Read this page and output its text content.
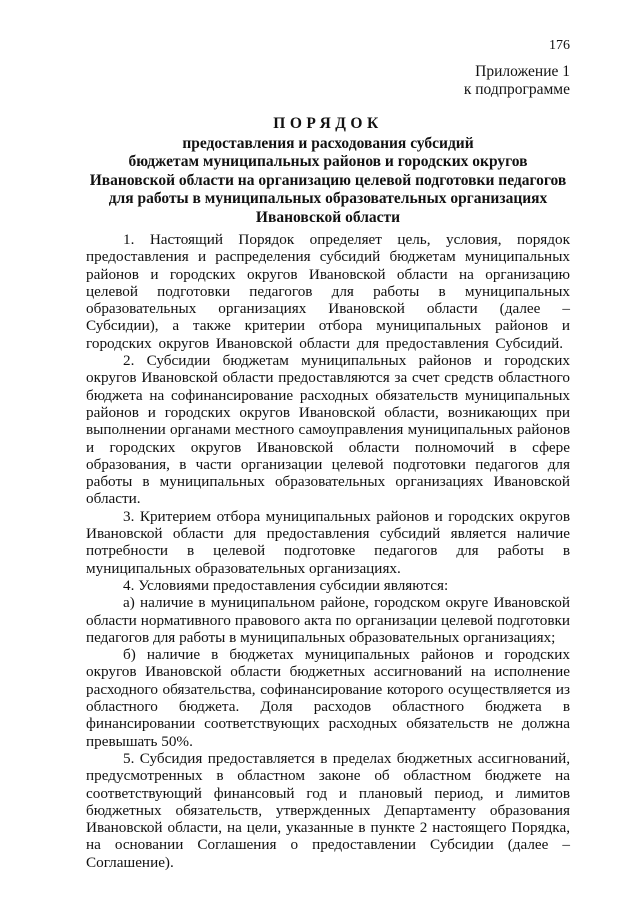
176
Приложение 1
к подпрограмме
ПОРЯДОК
предоставления и расходования субсидий
бюджетам муниципальных районов и городских округов
Ивановской области на организацию целевой подготовки педагогов
для работы в муниципальных образовательных организациях
Ивановской области

1. Настоящий Порядок определяет цель, условия, порядок предоставления и распределения субсидий бюджетам муниципальных районов и городских округов Ивановской области на организацию целевой подготовки педагогов для работы в муниципальных образовательных организациях Ивановской области (далее – Субсидии), а также критерии отбора муниципальных районов и городских округов Ивановской области для предоставления Субсидий.

2. Субсидии бюджетам муниципальных районов и городских округов Ивановской области предоставляются за счет средств областного бюджета на софинансирование расходных обязательств муниципальных районов и городских округов Ивановской области, возникающих при выполнении органами местного самоуправления муниципальных районов и городских округов Ивановской области полномочий в сфере образования, в части организации целевой подготовки педагогов для работы в муниципальных образовательных организациях Ивановской области.

3. Критерием отбора муниципальных районов и городских округов Ивановской области для предоставления субсидий является наличие потребности в целевой подготовке педагогов для работы в муниципальных образовательных организациях.

4. Условиями предоставления субсидии являются:

а) наличие в муниципальном районе, городском округе Ивановской области нормативного правового акта по организации целевой подготовки педагогов для работы в муниципальных образовательных организациях;

б) наличие в бюджетах муниципальных районов и городских округов Ивановской области бюджетных ассигнований на исполнение расходного обязательства, софинансирование которого осуществляется из областного бюджета. Доля расходов областного бюджета в финансировании соответствующих расходных обязательств не должна превышать 50%.

5. Субсидия предоставляется в пределах бюджетных ассигнований, предусмотренных в областном законе об областном бюджете на соответствующий финансовый год и плановый период, и лимитов бюджетных обязательств, утвержденных Департаменту образования Ивановской области, на цели, указанные в пункте 2 настоящего Порядка, на основании Соглашения о предоставлении Субсидии (далее – Соглашение).
